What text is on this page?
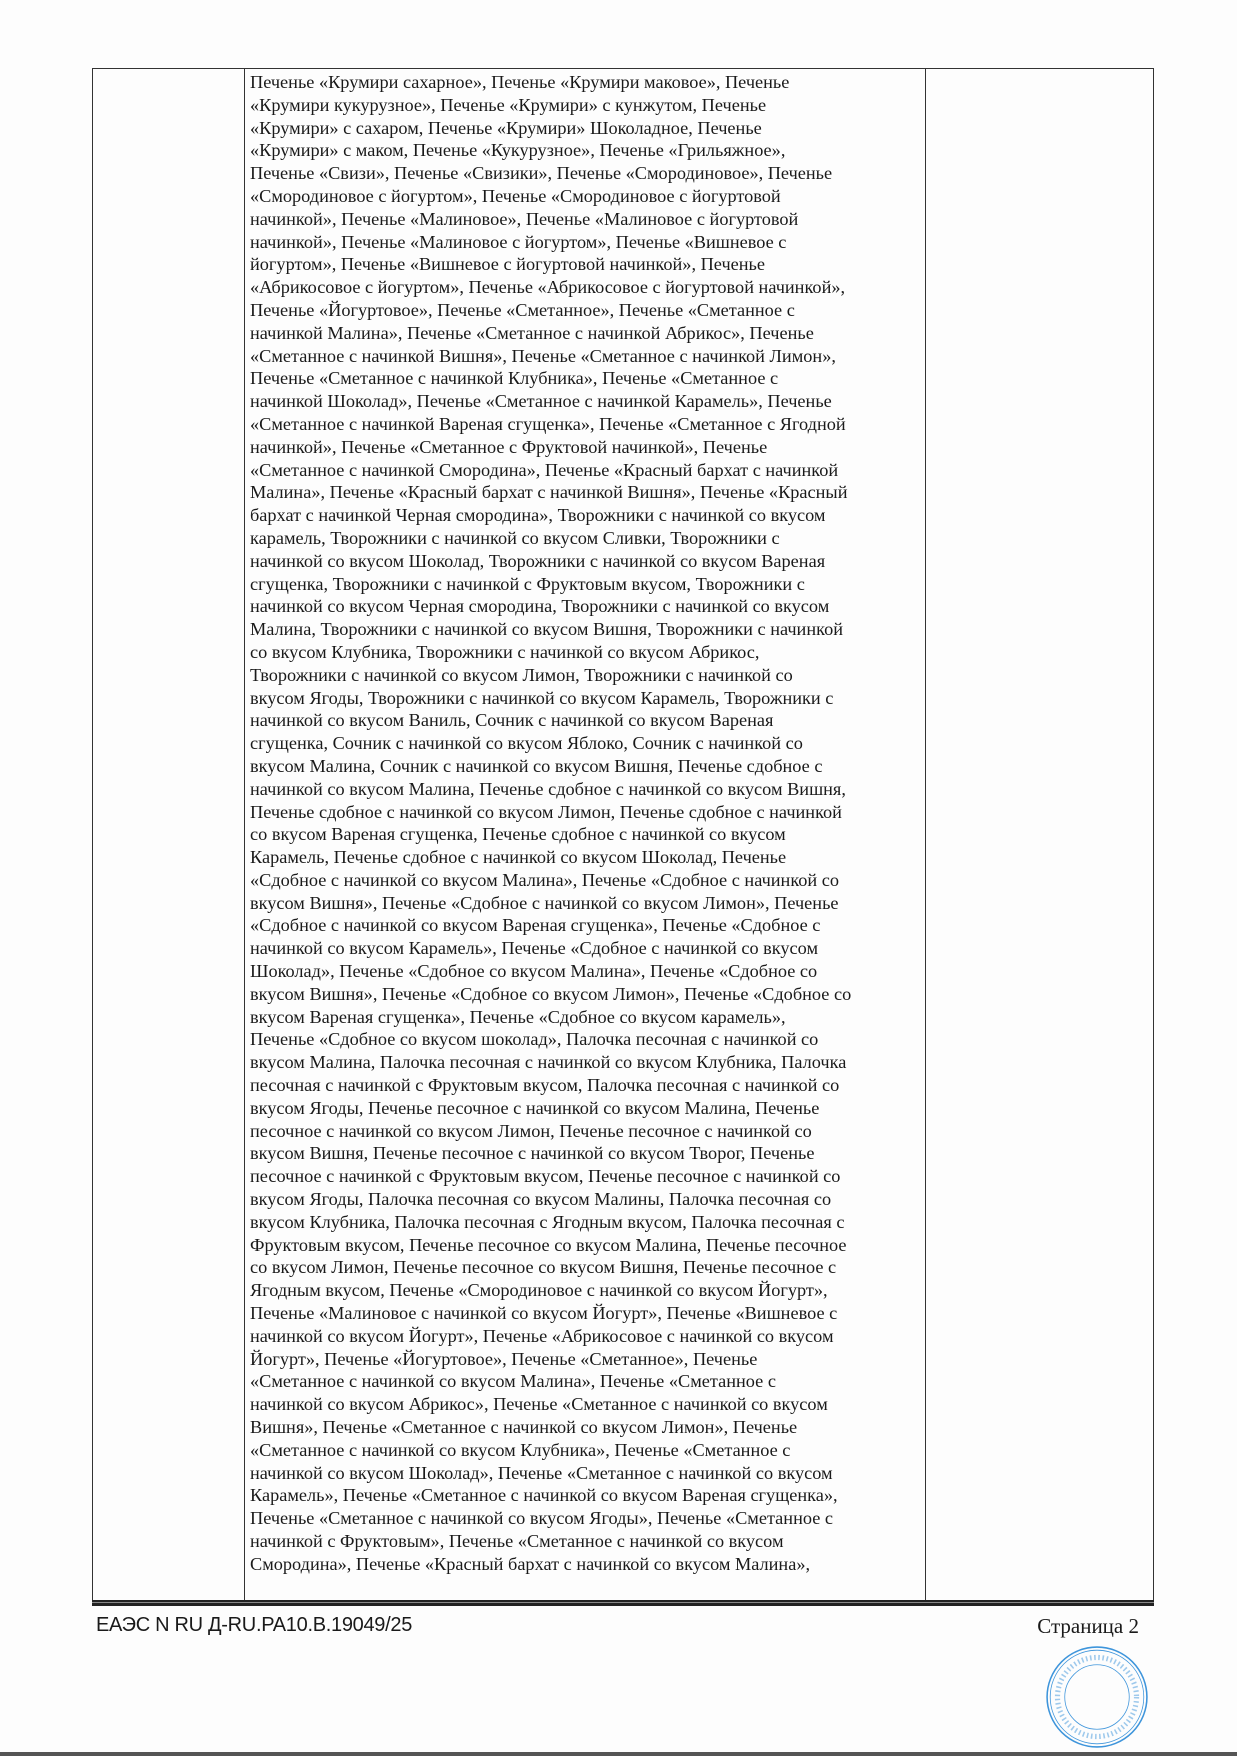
Печенье «Крумири сахарное», Печенье «Крумири маковое», Печенье
«Крумири кукурузное», Печенье «Крумири» с кунжутом, Печенье
«Крумири» с сахаром, Печенье «Крумири» Шоколадное, Печенье
«Крумири» с маком, Печенье «Кукурузное», Печенье «Грильяжное»,
Печенье «Свизи», Печенье «Свизики», Печенье «Смородиновое», Печенье
«Смородиновое с йогуртом», Печенье «Смородиновое с йогуртовой
начинкой», Печенье «Малиновое», Печенье «Малиновое с йогуртовой
начинкой», Печенье «Малиновое с йогуртом», Печенье «Вишневое с
йогуртом», Печенье «Вишневое с йогуртовой начинкой», Печенье
«Абрикосовое с йогуртом», Печенье «Абрикосовое с йогуртовой начинкой»,
Печенье «Йогуртовое», Печенье «Сметанное», Печенье «Сметанное с
начинкой Малина», Печенье «Сметанное с начинкой Абрикос», Печенье
«Сметанное с начинкой Вишня», Печенье «Сметанное с начинкой Лимон»,
Печенье «Сметанное с начинкой Клубника», Печенье «Сметанное с
начинкой Шоколад», Печенье «Сметанное с начинкой Карамель», Печенье
«Сметанное с начинкой Вареная сгущенка», Печенье «Сметанное с Ягодной
начинкой», Печенье «Сметанное с Фруктовой начинкой», Печенье
«Сметанное с начинкой Смородина», Печенье «Красный бархат с начинкой
Малина», Печенье «Красный бархат с начинкой Вишня», Печенье «Красный
бархат с начинкой Черная смородина», Творожники с начинкой со вкусом
карамель, Творожники с начинкой со вкусом Сливки, Творожники с
начинкой со вкусом Шоколад, Творожники с начинкой со вкусом Вареная
сгущенка, Творожники с начинкой с Фруктовым вкусом, Творожники с
начинкой со вкусом Черная смородина, Творожники с начинкой со вкусом
Малина, Творожники с начинкой со вкусом Вишня, Творожники с начинкой
со вкусом Клубника, Творожники с начинкой со вкусом Абрикос,
Творожники с начинкой со вкусом Лимон, Творожники с начинкой со
вкусом Ягоды, Творожники с начинкой со вкусом Карамель, Творожники с
начинкой со вкусом Ваниль, Сочник с начинкой со вкусом Вареная
сгущенка, Сочник с начинкой со вкусом Яблоко, Сочник с начинкой со
вкусом Малина, Сочник с начинкой со вкусом Вишня, Печенье сдобное с
начинкой со вкусом Малина, Печенье сдобное с начинкой со вкусом Вишня,
Печенье сдобное с начинкой со вкусом Лимон, Печенье сдобное с начинкой
со вкусом Вареная сгущенка, Печенье сдобное с начинкой со вкусом
Карамель, Печенье сдобное с начинкой со вкусом Шоколад, Печенье
«Сдобное с начинкой со вкусом Малина», Печенье «Сдобное с начинкой со
вкусом Вишня», Печенье «Сдобное с начинкой со вкусом Лимон», Печенье
«Сдобное с начинкой со вкусом Вареная сгущенка», Печенье «Сдобное с
начинкой со вкусом Карамель», Печенье «Сдобное с начинкой со вкусом
Шоколад», Печенье «Сдобное со вкусом Малина», Печенье «Сдобное со
вкусом Вишня», Печенье «Сдобное со вкусом Лимон», Печенье «Сдобное со
вкусом Вареная сгущенка», Печенье «Сдобное со вкусом карамель»,
Печенье «Сдобное со вкусом шоколад», Палочка песочная с начинкой со
вкусом Малина, Палочка песочная с начинкой со вкусом Клубника, Палочка
песочная с начинкой с Фруктовым вкусом, Палочка песочная с начинкой со
вкусом Ягоды, Печенье песочное с начинкой со вкусом Малина, Печенье
песочное с начинкой со вкусом Лимон, Печенье песочное с начинкой со
вкусом Вишня, Печенье песочное с начинкой со вкусом Творог, Печенье
песочное с начинкой с Фруктовым вкусом, Печенье песочное с начинкой со
вкусом Ягоды, Палочка песочная со вкусом Малины, Палочка песочная со
вкусом Клубника, Палочка песочная с Ягодным вкусом, Палочка песочная с
Фруктовым вкусом, Печенье песочное со вкусом Малина, Печенье песочное
со вкусом Лимон, Печенье песочное со вкусом Вишня, Печенье песочное с
Ягодным вкусом, Печенье «Смородиновое с начинкой со вкусом Йогурт»,
Печенье «Малиновое с начинкой со вкусом Йогурт», Печенье «Вишневое с
начинкой со вкусом Йогурт», Печенье «Абрикосовое с начинкой со вкусом
Йогурт», Печенье «Йогуртовое», Печенье «Сметанное», Печенье
«Сметанное с начинкой со вкусом Малина», Печенье «Сметанное с
начинкой со вкусом Абрикос», Печенье «Сметанное с начинкой со вкусом
Вишня», Печенье «Сметанное с начинкой со вкусом Лимон», Печенье
«Сметанное с начинкой со вкусом Клубника», Печенье «Сметанное с
начинкой со вкусом Шоколад», Печенье «Сметанное с начинкой со вкусом
Карамель», Печенье «Сметанное с начинкой со вкусом Вареная сгущенка»,
Печенье «Сметанное с начинкой со вкусом Ягоды», Печенье «Сметанное с
начинкой с Фруктовым», Печенье «Сметанное с начинкой со вкусом
Смородина», Печенье «Красный бархат с начинкой со вкусом Малина»,
ЕАЭС N RU Д-RU.PA10.B.19049/25	Страница 2
